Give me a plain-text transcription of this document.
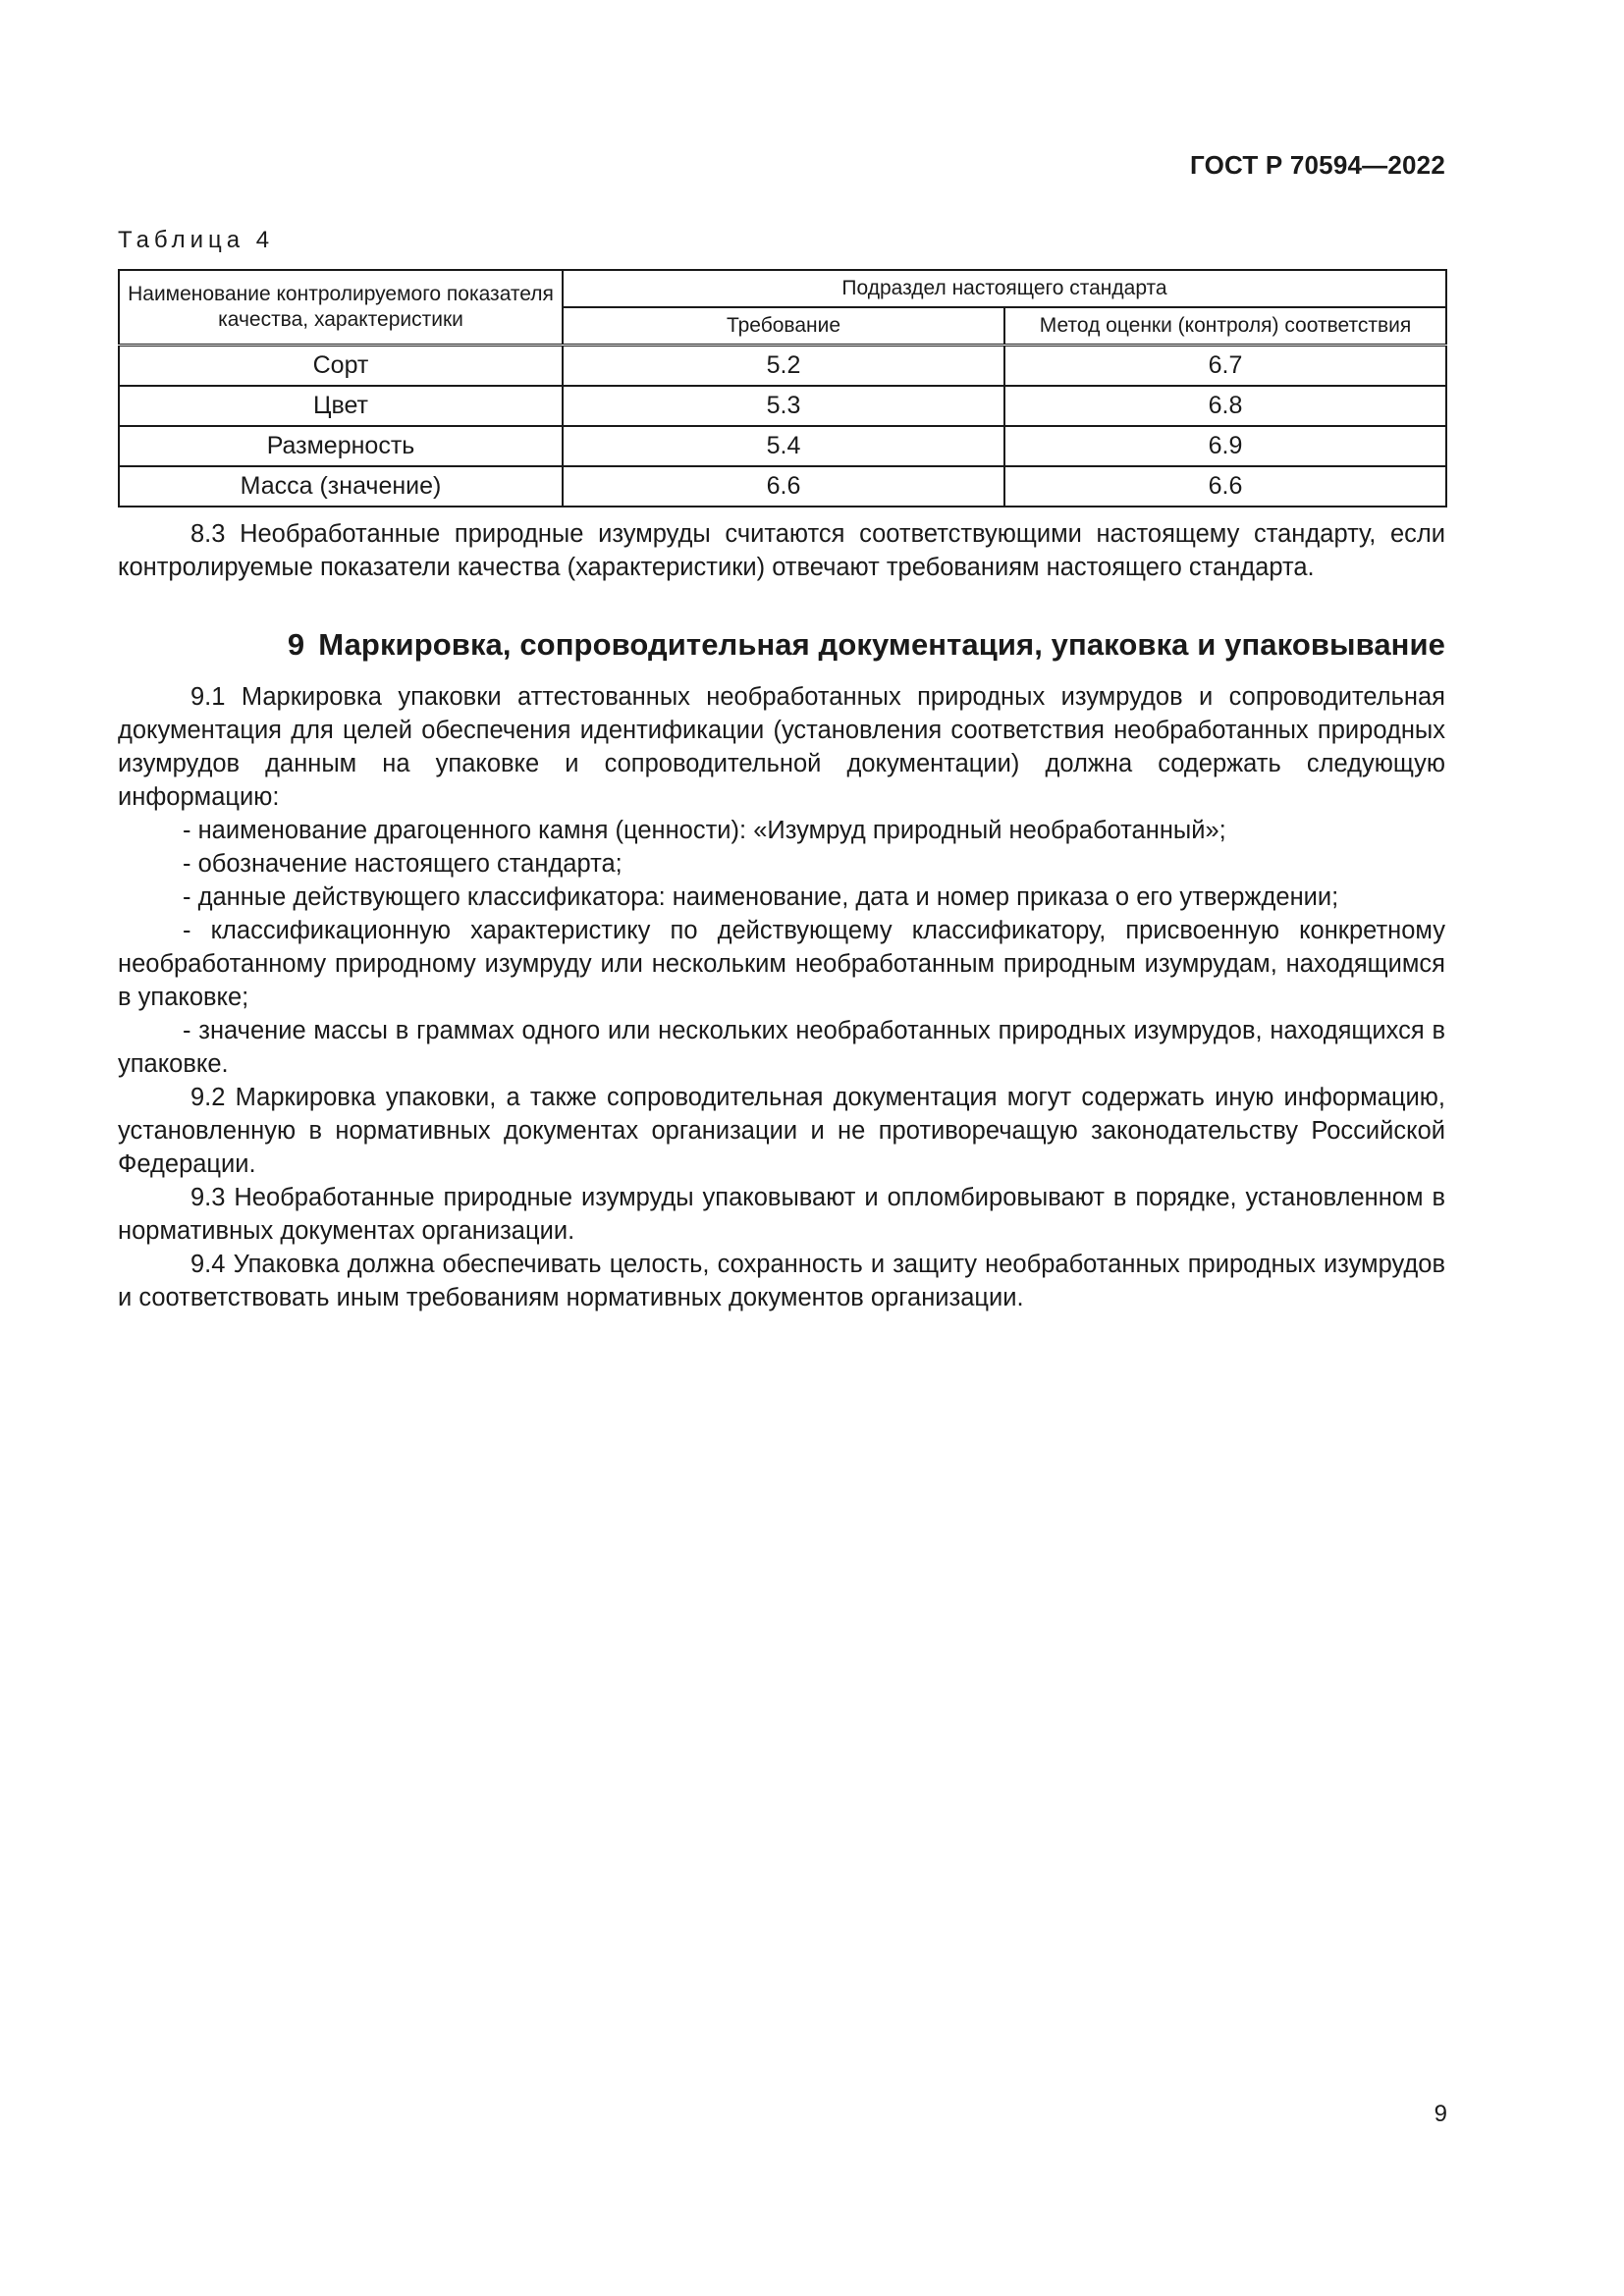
ГОСТ Р 70594—2022

Таблица 4

Наименование контролируемого показателя качества, характеристики	Подраздел настоящего стандарта	
	Требование	Метод оценки (контроля) соответствия
Сорт	5.2	6.7
Цвет	5.3	6.8
Размерность	5.4	6.9
Масса (значение)	6.6	6.6

8.3 Необработанные природные изумруды считаются соответствующими настоящему стандарту, если контролируемые показатели качества (характеристики) отвечают требованиям настоящего стандарта.

9 Маркировка, сопроводительная документация, упаковка и упаковывание

9.1 Маркировка упаковки аттестованных необработанных природных изумрудов и сопроводительная документация для целей обеспечения идентификации (установления соответствия необработанных природных изумрудов данным на упаковке и сопроводительной документации) должна содержать следующую информацию:

- наименование драгоценного камня (ценности): «Изумруд природный необработанный»;

- обозначение настоящего стандарта;

- данные действующего классификатора: наименование, дата и номер приказа о его утверждении;

- классификационную характеристику по действующему классификатору, присвоенную конкретному необработанному природному изумруду или нескольким необработанным природным изумрудам, находящимся в упаковке;

- значение массы в граммах одного или нескольких необработанных природных изумрудов, находящихся в упаковке.

9.2 Маркировка упаковки, а также сопроводительная документация могут содержать иную информацию, установленную в нормативных документах организации и не противоречащую законодательству Российской Федерации.

9.3 Необработанные природные изумруды упаковывают и опломбировывают в порядке, установленном в нормативных документах организации.

9.4 Упаковка должна обеспечивать целость, сохранность и защиту необработанных природных изумрудов и соответствовать иным требованиям нормативных документов организации.

9
